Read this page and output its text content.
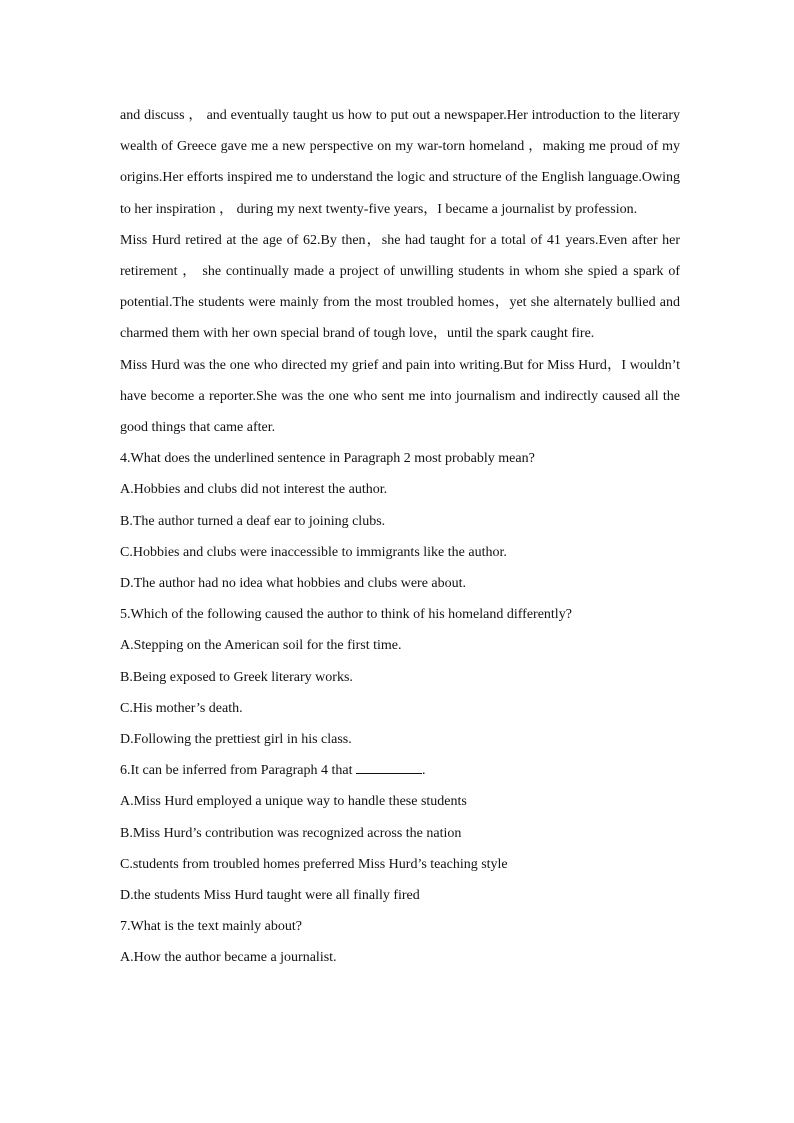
and discuss ， and eventually taught us how to put out a newspaper.Her introduction to the literary wealth of Greece gave me a new perspective on my war-torn homeland ，making me proud of my origins.Her efforts inspired me to understand the logic and structure of the English language.Owing to her inspiration ， during my next twenty-five years，I became a journalist by profession.

Miss Hurd retired at the age of 62.By then，she had taught for a total of 41 years.Even after her retirement ， she continually made a project of unwilling students in whom she spied a spark of potential.The students were mainly from the most troubled homes，yet she alternately bullied and charmed them with her own special brand of tough love，until the spark caught fire.

Miss Hurd was the one who directed my grief and pain into writing.But for Miss Hurd，I wouldn’t have become a reporter.She was the one who sent me into journalism and indirectly caused all the good things that came after.

4.What does the underlined sentence in Paragraph 2 most probably mean?

A.Hobbies and clubs did not interest the author.

B.The author turned a deaf ear to joining clubs.

C.Hobbies and clubs were inaccessible to immigrants like the author.

D.The author had no idea what hobbies and clubs were about.

5.Which of the following caused the author to think of his homeland differently?

A.Stepping on the American soil for the first time.

B.Being exposed to Greek literary works.

C.His mother’s death.

D.Following the prettiest girl in his class.

6.It can be inferred from Paragraph 4 that	.

A.Miss Hurd employed a unique way to handle these students

B.Miss Hurd’s contribution was recognized across the nation

C.students from troubled homes preferred Miss Hurd’s teaching style

D.the students Miss Hurd taught were all finally fired

7.What is the text mainly about?

A.How the author became a journalist.
